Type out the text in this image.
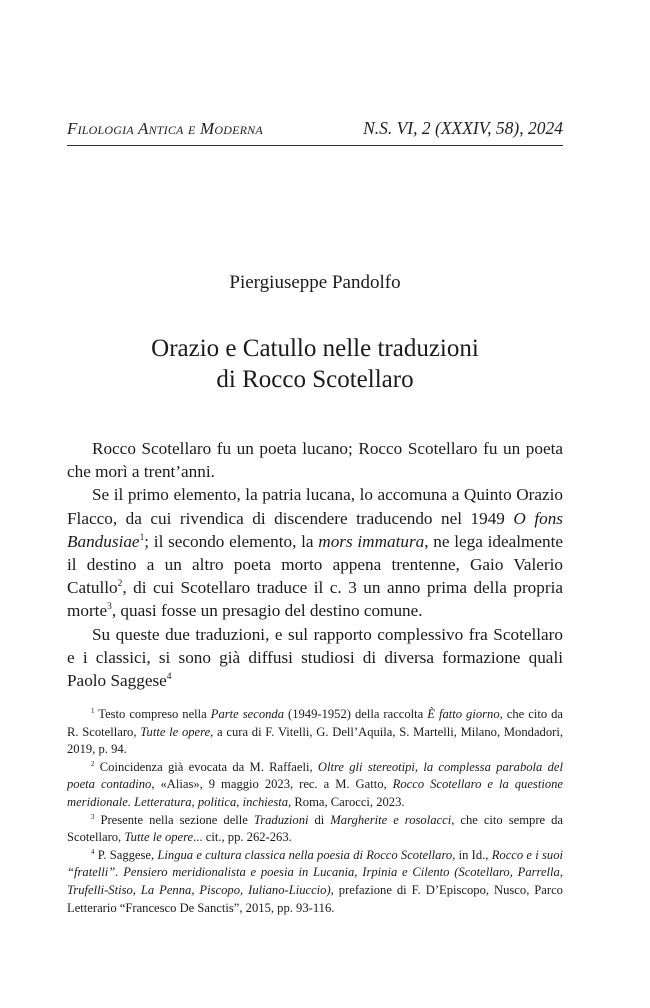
Filologia Antica e Moderna	N.S. VI, 2 (XXXIV, 58), 2024
Piergiuseppe Pandolfo
Orazio e Catullo nelle traduzioni
di Rocco Scotellaro

Rocco Scotellaro fu un poeta lucano; Rocco Scotellaro fu un poeta che morì a trent’anni.

Se il primo elemento, la patria lucana, lo accomuna a Quinto Orazio Flacco, da cui rivendica di discendere traducendo nel 1949 O fons Bandusiae$^1$; il secondo elemento, la mors immatura, ne lega idealmente il destino a un altro poeta morto appena trentenne, Gaio Valerio Catullo$^2$, di cui Scotellaro traduce il c. 3 un anno prima della propria morte$^3$, quasi fosse un presagio del destino comune.

Su queste due traduzioni, e sul rapporto complessivo fra Scotellaro e i classici, si sono già diffusi studiosi di diversa formazione quali Paolo Saggese$^4$

$^1$ Testo compreso nella Parte seconda (1949-1952) della raccolta È fatto giorno, che cito da R. Scotellaro, Tutte le opere, a cura di F. Vitelli, G. Dell’Aquila, S. Martelli, Milano, Mondadori, 2019, p. 94.

$^2$ Coincidenza già evocata da M. Raffaeli, Oltre gli stereotipi, la complessa parabola del poeta contadino, «Alias», 9 maggio 2023, rec. a M. Gatto, Rocco Scotellaro e la questione meridionale. Letteratura, politica, inchiesta, Roma, Carocci, 2023.

$^3$ Presente nella sezione delle Traduzioni di Margherite e rosolacci, che cito sempre da Scotellaro, Tutte le opere... cit., pp. 262-263.

$^4$ P. Saggese, Lingua e cultura classica nella poesia di Rocco Scotellaro, in Id., Rocco e i suoi “fratelli”. Pensiero meridionalista e poesia in Lucania, Irpinia e Cilento (Scotellaro, Parrella, Trufelli-Stiso, La Penna, Piscopo, Iuliano-Liuccio), prefazione di F. D’Episcopo, Nusco, Parco Letterario “Francesco De Sanctis”, 2015, pp. 93-116.
